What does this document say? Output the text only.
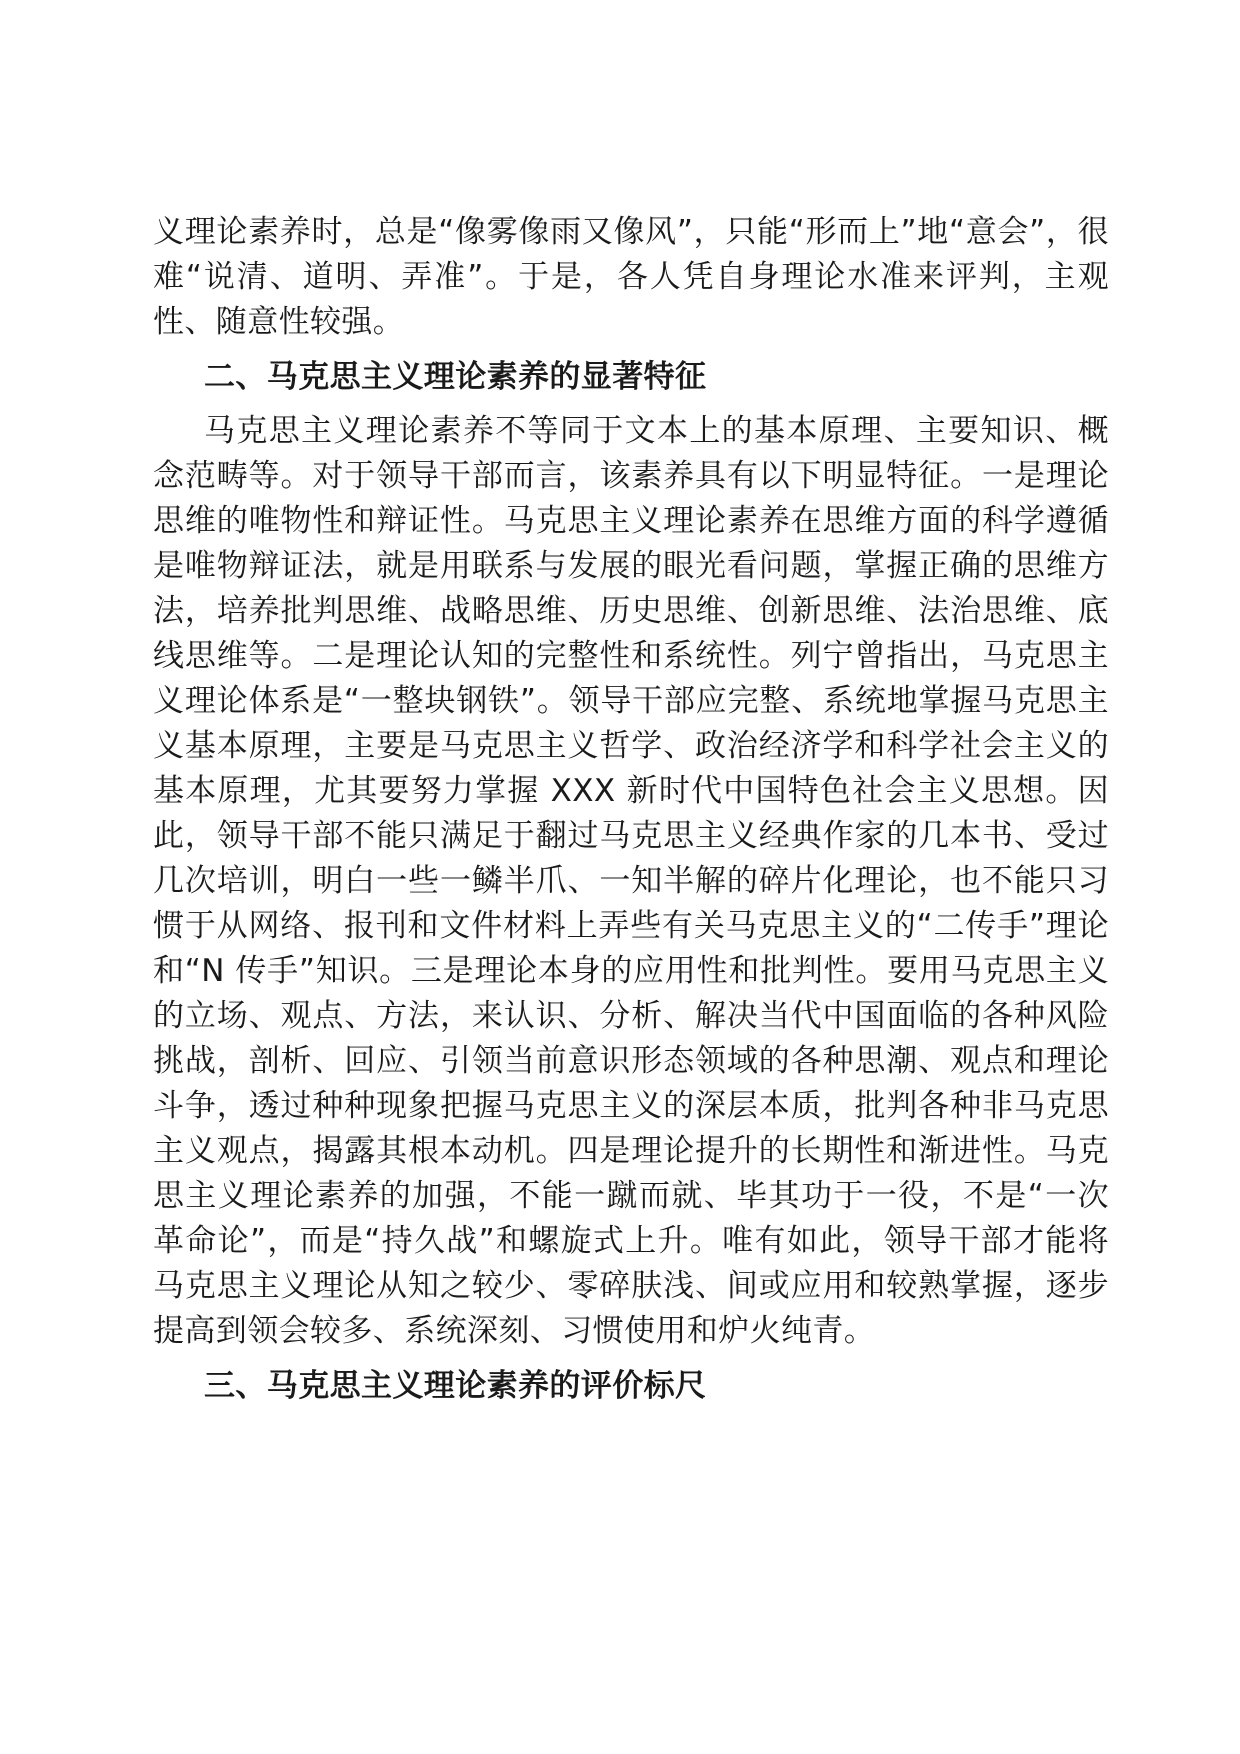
义理论素养时，总是“像雾像雨又像风”，只能“形而上”地“意会”，很难“说清、道明、弄准”。于是，各人凭自身理论水准来评判，主观性、随意性较强。

二、马克思主义理论素养的显著特征

马克思主义理论素养不等同于文本上的基本原理、主要知识、概念范畴等。对于领导干部而言，该素养具有以下明显特征。一是理论思维的唯物性和辩证性。马克思主义理论素养在思维方面的科学遵循是唯物辩证法，就是用联系与发展的眼光看问题，掌握正确的思维方法，培养批判思维、战略思维、历史思维、创新思维、法治思维、底线思维等。二是理论认知的完整性和系统性。列宁曾指出，马克思主义理论体系是“一整块钢铁”。领导干部应完整、系统地掌握马克思主义基本原理，主要是马克思主义哲学、政治经济学和科学社会主义的基本原理，尤其要努力掌握 XXX 新时代中国特色社会主义思想。因此，领导干部不能只满足于翻过马克思主义经典作家的几本书、受过几次培训，明白一些一鳞半爪、一知半解的碎片化理论，也不能只习惯于从网络、报刊和文件材料上弄些有关马克思主义的“二传手”理论和“N 传手”知识。三是理论本身的应用性和批判性。要用马克思主义的立场、观点、方法，来认识、分析、解决当代中国面临的各种风险挑战，剖析、回应、引领当前意识形态领域的各种思潮、观点和理论斗争，透过种种现象把握马克思主义的深层本质，批判各种非马克思主义观点，揭露其根本动机。四是理论提升的长期性和渐进性。马克思主义理论素养的加强，不能一蹴而就、毕其功于一役，不是“一次革命论”，而是“持久战”和螺旋式上升。唯有如此，领导干部才能将马克思主义理论从知之较少、零碎肤浅、间或应用和较熟掌握，逐步提高到领会较多、系统深刻、习惯使用和炉火纯青。

三、马克思主义理论素养的评价标尺
